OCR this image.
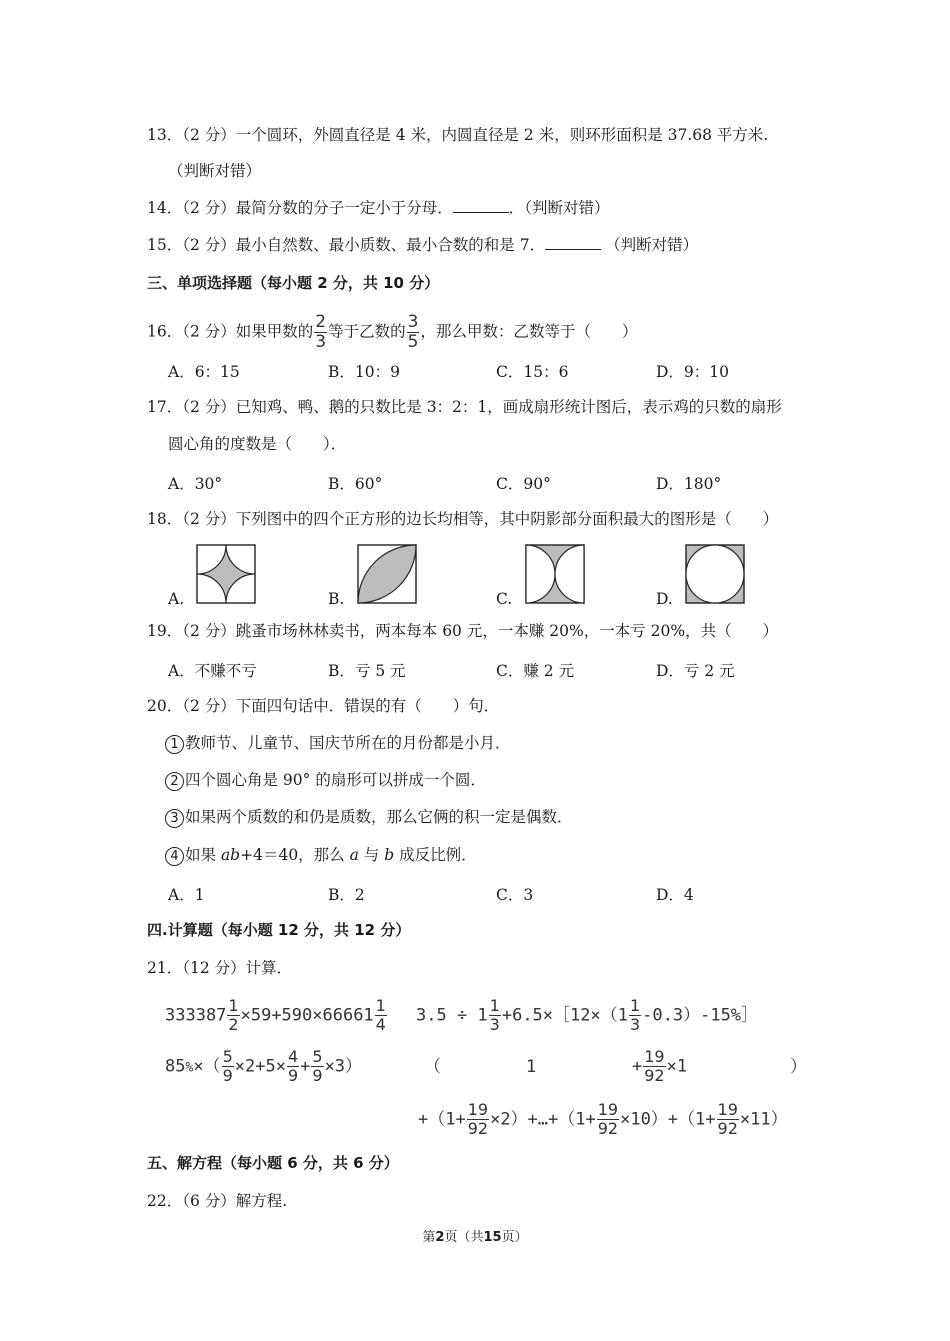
13．（2 分）一个圆环，外圆直径是 4 米，内圆直径是 2 米，则环形面积是 37.68 平方米.
（判断对错）
14．（2 分）最简分数的分子一定小于分母．	．（判断对错）
15．（2 分）最小自然数、最小质数、最小合数的和是 7．	（判断对错）
三、单项选择题（每小题 2 分，共 10 分）
16．（2 分）如果甲数的 $\frac{2}{3}$ 等于乙数的 $\frac{3}{5}$ ，那么甲数：乙数等于（　　）
A．6：15	B．10：9	C．15：6	D．9：10
17．（2 分）已知鸡、鸭、鹅的只数比是 3：2：1，画成扇形统计图后，表示鸡的只数的扇形
圆心角的度数是（　　）．
A．30°	B．60°	C．90°	D．180°
18．（2 分）下列图中的四个正方形的边长均相等，其中阴影部分面积最大的图形是（　　）
A.	B.	C.	D.
19．（2 分）跳蚤市场林林卖书，两本每本 60 元，一本赚 20%，一本亏 20%，共（　　）
A．不赚不亏	B．亏 5 元	C．赚 2 元	D．亏 2 元
20．（2 分）下面四句话中．错误的有（　　）句．
1 教师节、儿童节、国庆节所在的月份都是小月．
2 四个圆心角是 90° 的扇形可以拼成一个圆．
3 如果两个质数的和仍是质数，那么它俩的积一定是偶数．
4 如果 ab+4＝40，那么 a 与 b 成反比例．
A．1	B．2	C．3	D．4
四.计算题（每小题 12 分，共 12 分）
21．（12 分）计算．
$333387 \frac{1}{2} \times 59+590\times 66661 \frac{1}{4} 3.5 \div 1 \frac{1}{3}$ +6.5×［12×（1 $\frac{1}{3}$ -0.3）-15%］
$85\%\times( \frac{5}{9} \times 2+5\times \frac{4}{9} + \frac{5}{9} \times 3)$	（	1	+ $\frac{19}{92} \times 1$	）
$+(1+ \frac{19}{92}$ ×2）+…+（1+ $\frac{19}{92} \times 10)+(1+ \frac{19}{92} \times 11)$
五、解方程（每小题 6 分，共 6 分）
22．（6 分）解方程.
第2页（共15页）
